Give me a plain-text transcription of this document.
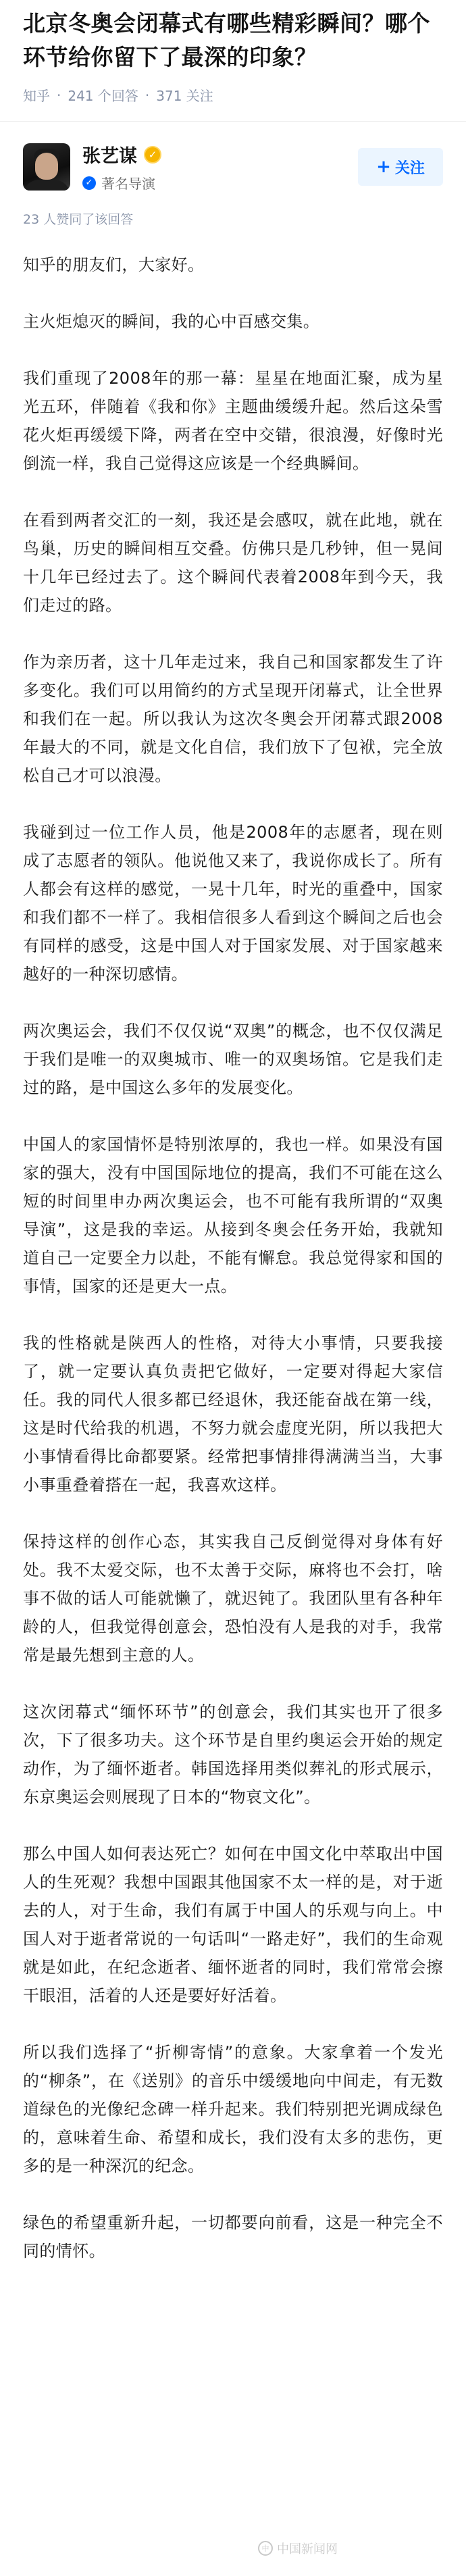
北京冬奥会闭幕式有哪些精彩瞬间？哪个环节给你留下了最深的印象？
知乎 · 241 个回答 · 371 关注
张艺谋	✓
✓ 著名导演
+ 关注
23 人赞同了该回答

知乎的朋友们，大家好。

主火炬熄灭的瞬间，我的心中百感交集。

我们重现了2008年的那一幕：星星在地面汇聚，成为星光五环，伴随着《我和你》主题曲缓缓升起。然后这朵雪花火炬再缓缓下降，两者在空中交错，很浪漫，好像时光倒流一样，我自己觉得这应该是一个经典瞬间。

在看到两者交汇的一刻，我还是会感叹，就在此地，就在鸟巢，历史的瞬间相互交叠。仿佛只是几秒钟，但一晃间十几年已经过去了。这个瞬间代表着2008年到今天，我们走过的路。

作为亲历者，这十几年走过来，我自己和国家都发生了许多变化。我们可以用简约的方式呈现开闭幕式，让全世界和我们在一起。所以我认为这次冬奥会开闭幕式跟2008年最大的不同，就是文化自信，我们放下了包袱，完全放松自己才可以浪漫。

我碰到过一位工作人员，他是2008年的志愿者，现在则成了志愿者的领队。他说他又来了，我说你成长了。所有人都会有这样的感觉，一晃十几年，时光的重叠中，国家和我们都不一样了。我相信很多人看到这个瞬间之后也会有同样的感受，这是中国人对于国家发展、对于国家越来越好的一种深切感情。

两次奥运会，我们不仅仅说“双奥”的概念，也不仅仅满足于我们是唯一的双奥城市、唯一的双奥场馆。它是我们走过的路，是中国这么多年的发展变化。

中国人的家国情怀是特别浓厚的，我也一样。如果没有国家的强大，没有中国国际地位的提高，我们不可能在这么短的时间里申办两次奥运会，也不可能有我所谓的“双奥导演”，这是我的幸运。从接到冬奥会任务开始，我就知道自己一定要全力以赴，不能有懈怠。我总觉得家和国的事情，国家的还是更大一点。

我的性格就是陕西人的性格，对待大小事情，只要我接了，就一定要认真负责把它做好，一定要对得起大家信任。我的同代人很多都已经退休，我还能奋战在第一线，这是时代给我的机遇，不努力就会虚度光阴，所以我把大小事情看得比命都要紧。经常把事情排得满满当当，大事小事重叠着搭在一起，我喜欢这样。

保持这样的创作心态，其实我自己反倒觉得对身体有好处。我不太爱交际，也不太善于交际，麻将也不会打，啥事不做的话人可能就懒了，就迟钝了。我团队里有各种年龄的人，但我觉得创意会，恐怕没有人是我的对手，我常常是最先想到主意的人。

这次闭幕式“缅怀环节”的创意会，我们其实也开了很多次，下了很多功夫。这个环节是自里约奥运会开始的规定动作，为了缅怀逝者。韩国选择用类似葬礼的形式展示，东京奥运会则展现了日本的“物哀文化”。

那么中国人如何表达死亡？如何在中国文化中萃取出中国人的生死观？我想中国跟其他国家不太一样的是，对于逝去的人，对于生命，我们有属于中国人的乐观与向上。中国人对于逝者常说的一句话叫“一路走好”，我们的生命观就是如此，在纪念逝者、缅怀逝者的同时，我们常常会擦干眼泪，活着的人还是要好好活着。

所以我们选择了“折柳寄情”的意象。大家拿着一个发光的“柳条”，在《送别》的音乐中缓缓地向中间走，有无数道绿色的光像纪念碑一样升起来。我们特别把光调成绿色的，意味着生命、希望和成长，我们没有太多的悲伤，更多的是一种深沉的纪念。

绿色的希望重新升起，一切都要向前看，这是一种完全不同的情怀。

中 中国新闻网
